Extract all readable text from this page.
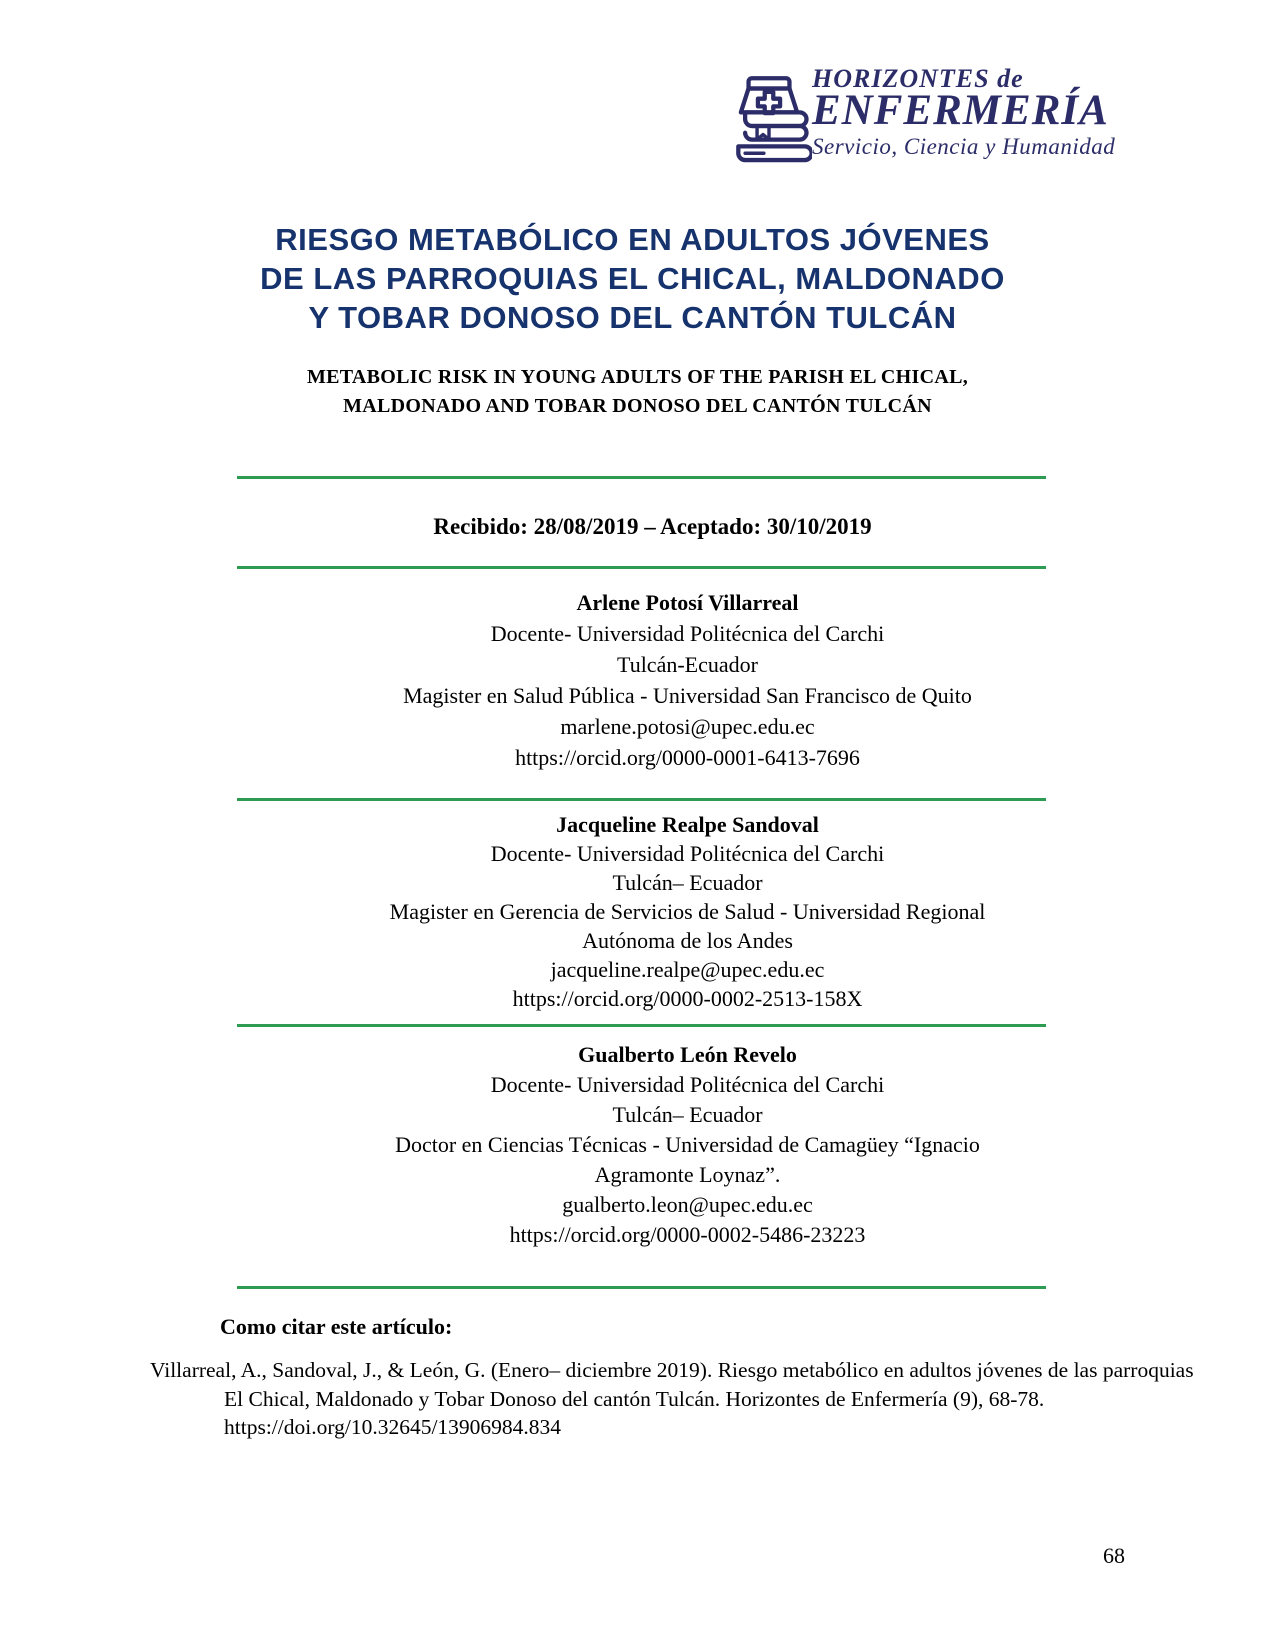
HORIZONTES de
ENFERMERÍA
Servicio, Ciencia y Humanidad
RIESGO METABÓLICO EN ADULTOS JÓVENES
DE LAS PARROQUIAS EL CHICAL, MALDONADO
Y TOBAR DONOSO DEL CANTÓN TULCÁN
METABOLIC RISK IN YOUNG ADULTS OF THE PARISH EL CHICAL,
MALDONADO AND TOBAR DONOSO DEL CANTÓN TULCÁN
Recibido: 28/08/2019 – Aceptado: 30/10/2019
Arlene Potosí Villarreal
Docente- Universidad Politécnica del Carchi
Tulcán-Ecuador
Magister en Salud Pública - Universidad San Francisco de Quito
marlene.potosi@upec.edu.ec
https://orcid.org/0000-0001-6413-7696
Jacqueline Realpe Sandoval
Docente- Universidad Politécnica del Carchi
Tulcán– Ecuador
Magister en Gerencia de Servicios de Salud - Universidad Regional
Autónoma de los Andes
jacqueline.realpe@upec.edu.ec
https://orcid.org/0000-0002-2513-158X
Gualberto León Revelo
Docente- Universidad Politécnica del Carchi
Tulcán– Ecuador
Doctor en Ciencias Técnicas - Universidad de Camagüey “Ignacio
Agramonte Loynaz”.
gualberto.leon@upec.edu.ec
https://orcid.org/0000-0002-5486-23223
Como citar este artículo:
Villarreal, A., Sandoval, J., & León, G. (Enero– diciembre 2019). Riesgo metabólico en adultos jóvenes de las parroquias El Chical, Maldonado y Tobar Donoso del cantón Tulcán. Horizontes de Enfermería (9), 68-78. https://doi.org/10.32645/13906984.834
68
